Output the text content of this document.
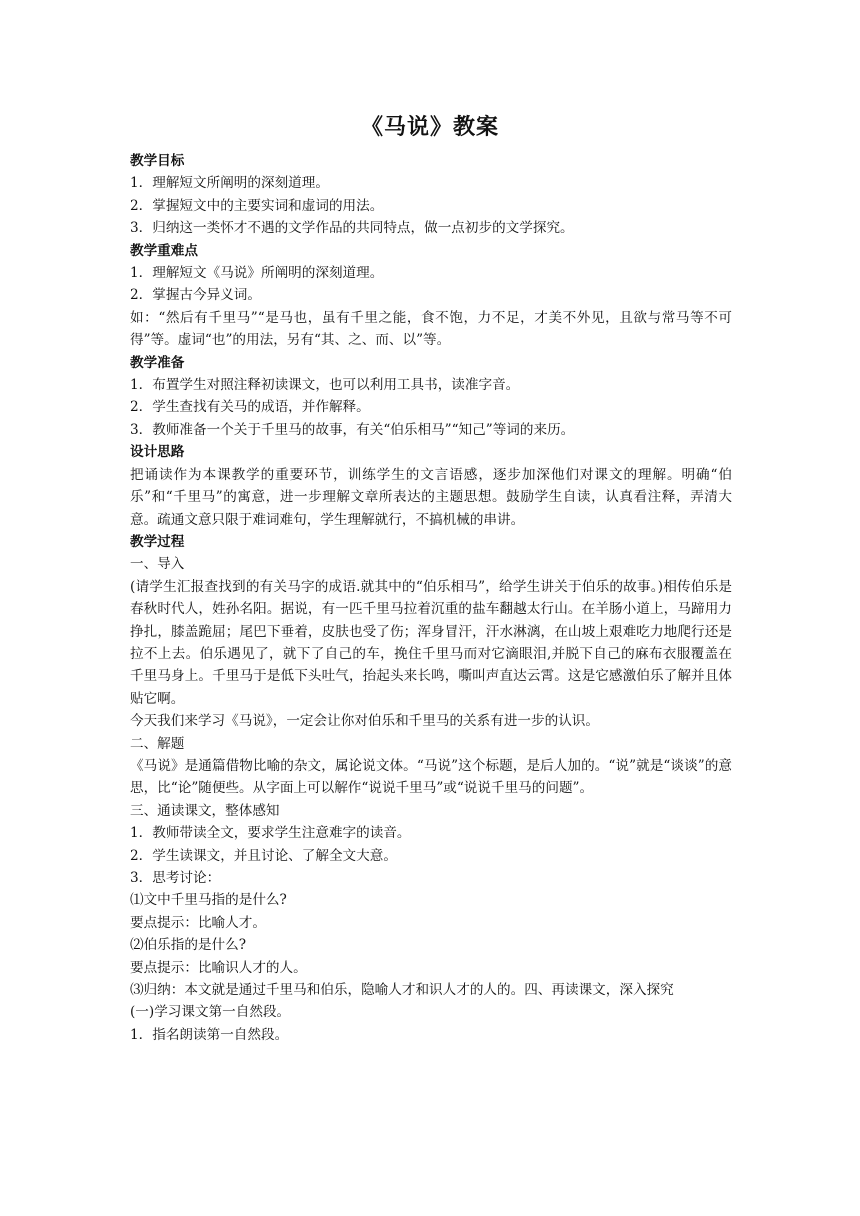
《马说》教案

教学目标

1．理解短文所阐明的深刻道理。

2．掌握短文中的主要实词和虚词的用法。

3．归纳这一类怀才不遇的文学作品的共同特点，做一点初步的文学探究。

教学重难点

1．理解短文《马说》所阐明的深刻道理。

2．掌握古今异义词。

如：“然后有千里马”“是马也，虽有千里之能，食不饱，力不足，才美不外见，且欲与常马等不可得”等。虚词“也”的用法，另有“其、之、而、以”等。

教学准备

1．布置学生对照注释初读课文，也可以利用工具书，读准字音。

2．学生查找有关马的成语，并作解释。

3．教师准备一个关于千里马的故事，有关“伯乐相马”“知己”等词的来历。

设计思路

把诵读作为本课教学的重要环节，训练学生的文言语感，逐步加深他们对课文的理解。明确“伯乐”和“千里马”的寓意，进一步理解文章所表达的主题思想。鼓励学生自读，认真看注释，弄清大意。疏通文意只限于难词难句，学生理解就行，不搞机械的串讲。

教学过程

一、导入

(请学生汇报查找到的有关马字的成语.就其中的“伯乐相马”，给学生讲关于伯乐的故事。)相传伯乐是春秋时代人，姓孙名阳。据说，有一匹千里马拉着沉重的盐车翻越太行山。在羊肠小道上，马蹄用力挣扎，膝盖跪屈；尾巴下垂着，皮肤也受了伤；浑身冒汗，汗水淋漓，在山坡上艰难吃力地爬行还是拉不上去。伯乐遇见了，就下了自己的车，挽住千里马而对它滴眼泪,并脱下自己的麻布衣服覆盖在千里马身上。千里马于是低下头吐气，抬起头来长鸣，嘶叫声直达云霄。这是它感激伯乐了解并且体贴它啊。

今天我们来学习《马说》，一定会让你对伯乐和千里马的关系有进一步的认识。

二、解题

《马说》是通篇借物比喻的杂文，属论说文体。“马说”这个标题，是后人加的。“说”就是“谈谈”的意思，比“论”随便些。从字面上可以解作“说说千里马”或“说说千里马的问题”。

三、通读课文，整体感知

1．教师带读全文，要求学生注意难字的读音。

2．学生读课文，并且讨论、了解全文大意。

3．思考讨论：

⑴文中千里马指的是什么?

要点提示：比喻人才。

⑵伯乐指的是什么?

要点提示：比喻识人才的人。

⑶归纳：本文就是通过千里马和伯乐，隐喻人才和识人才的人的。四、再读课文，深入探究

(一)学习课文第一自然段。

1．指名朗读第一自然段。
